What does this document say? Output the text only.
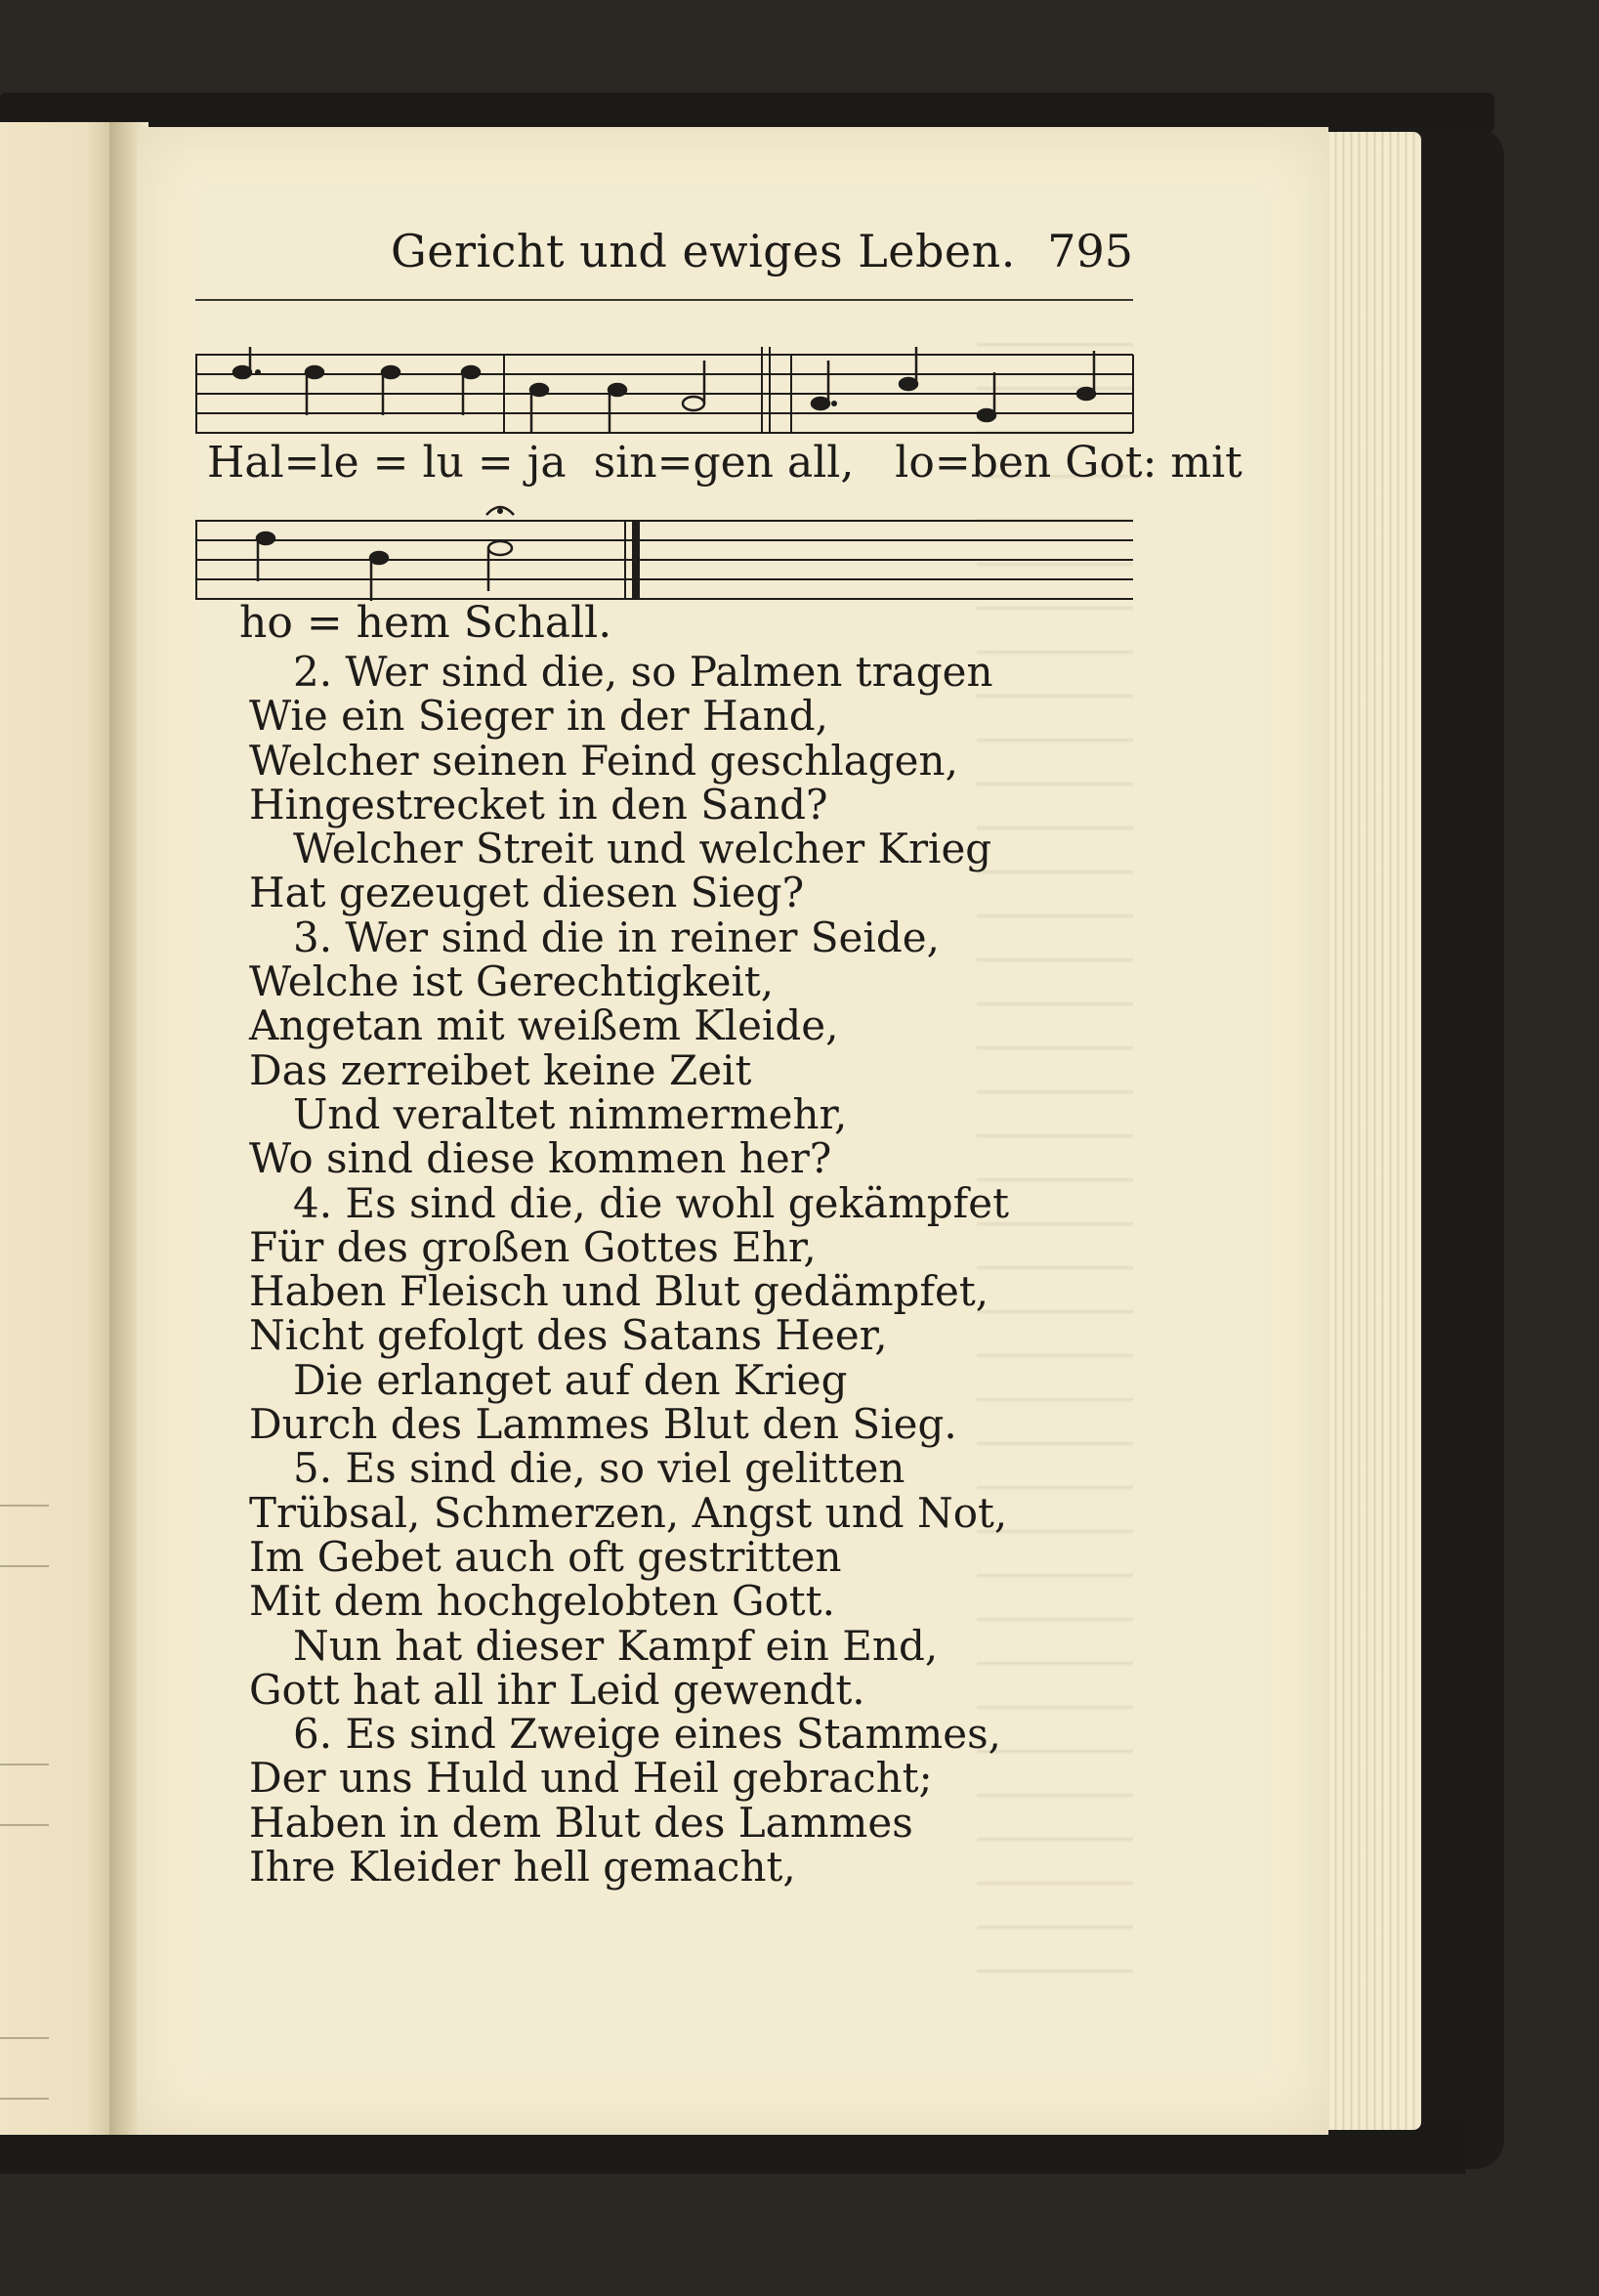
Gericht und ewiges Leben. 795
Hal=le = lu = ja  sin=gen all,   lo=ben Got: mit
ho = hem Schall.
2. Wer sind die, so Palmen tragen
Wie ein Sieger in der Hand,
Welcher seinen Feind geschlagen,
Hingestrecket in den Sand?
Welcher Streit und welcher Krieg
Hat gezeuget diesen Sieg?
3. Wer sind die in reiner Seide,
Welche ist Gerechtigkeit,
Angetan mit weißem Kleide,
Das zerreibet keine Zeit
Und veraltet nimmermehr,
Wo sind diese kommen her?
4. Es sind die, die wohl gekämpfet
Für des großen Gottes Ehr,
Haben Fleisch und Blut gedämpfet,
Nicht gefolgt des Satans Heer,
Die erlanget auf den Krieg
Durch des Lammes Blut den Sieg.
5. Es sind die, so viel gelitten
Trübsal, Schmerzen, Angst und Not,
Im Gebet auch oft gestritten
Mit dem hochgelobten Gott.
Nun hat dieser Kampf ein End,
Gott hat all ihr Leid gewendt.
6. Es sind Zweige eines Stammes,
Der uns Huld und Heil gebracht;
Haben in dem Blut des Lammes
Ihre Kleider hell gemacht,
